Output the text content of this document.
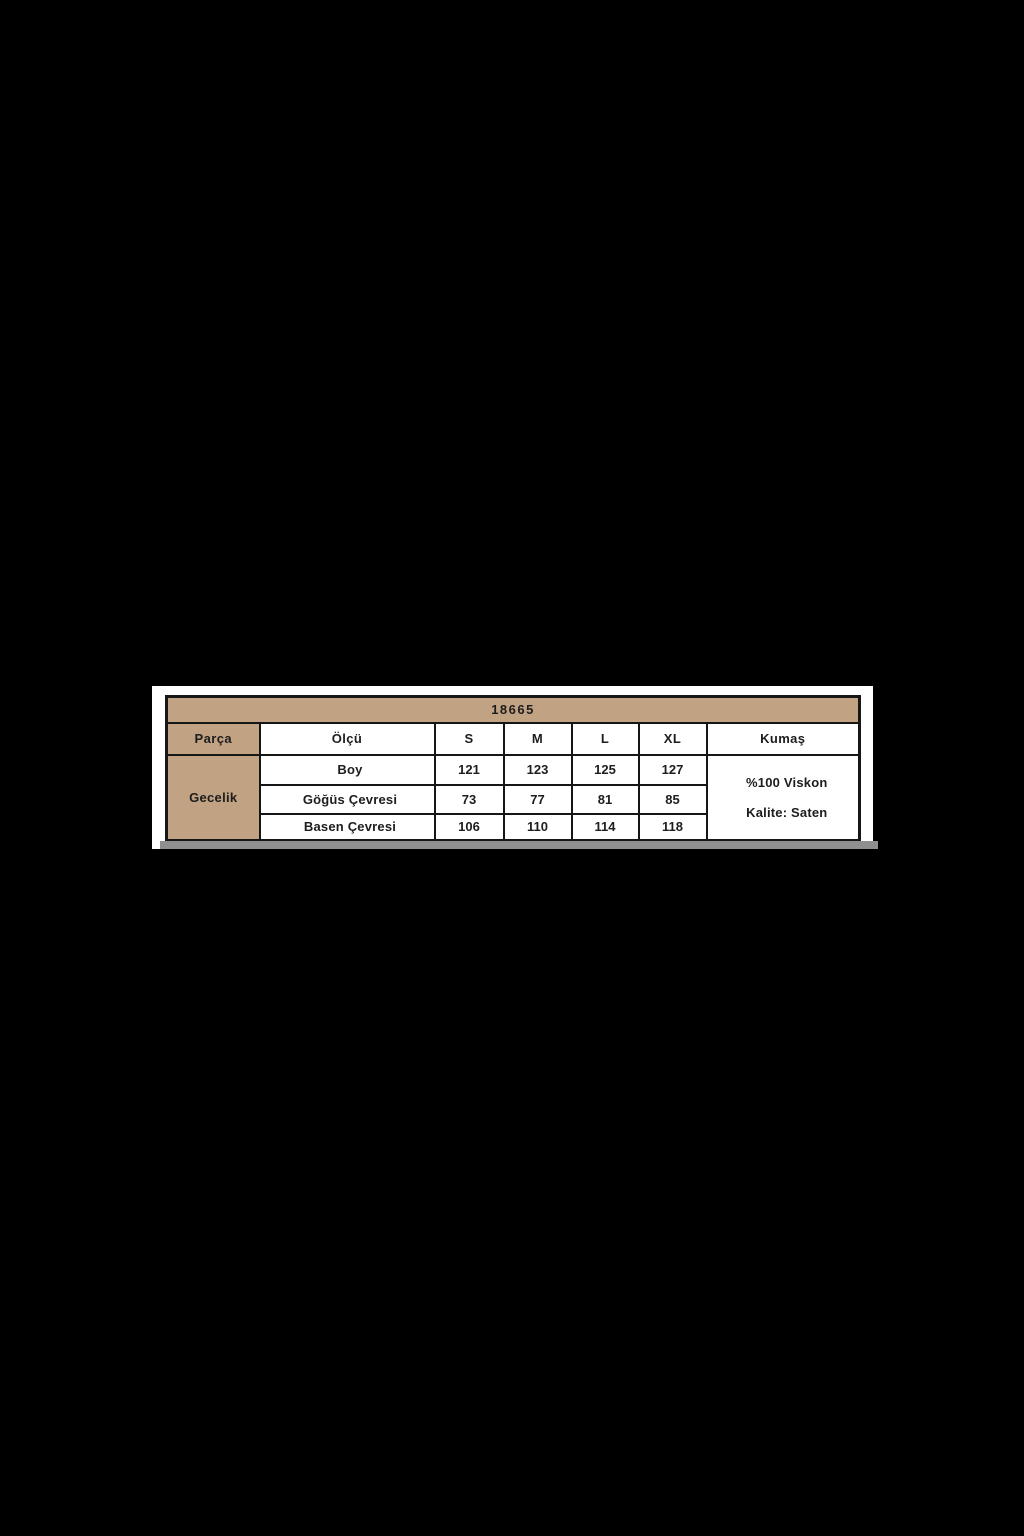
18665						
Parça	Ölçü	S	M	L	XL	Kumaş
Gecelik	Boy	121	123	125	127	%100 Viskon
Kalite: Saten

	Göğüs Çevresi	73	77	81	85	
	Basen Çevresi	106	110	114	118	
